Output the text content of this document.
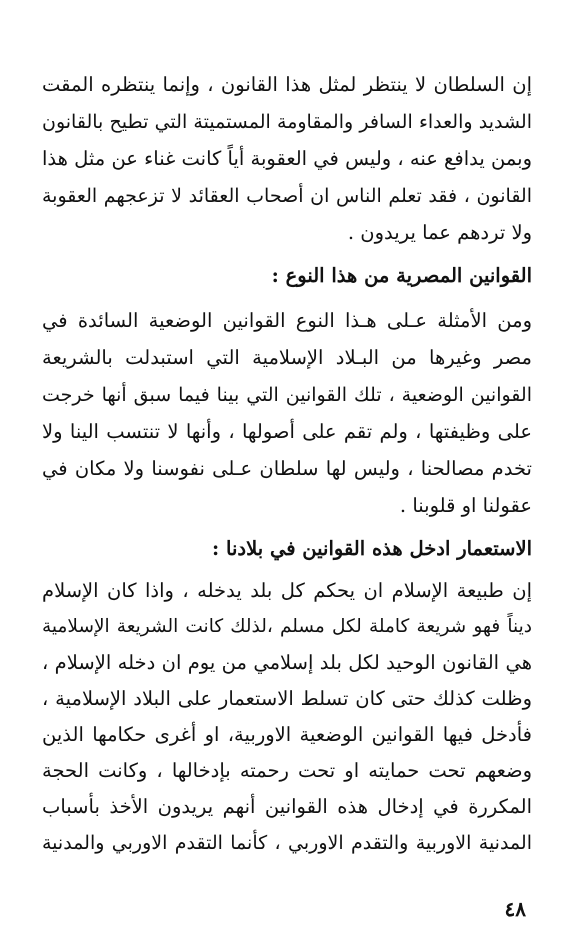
إن السلطان لا ينتظر لمثل هذا القانون ، وإنما ينتظره المقت
الشديد والعداء السافر والمقاومة المستميتة التي تطيح بالقانون
وبمن يدافع عنه ، وليس في العقوبة أياً كانت غناء عن مثل هذا
القانون ، فقد تعلم الناس ان أصحاب العقائد لا تزعجهم العقوبة
ولا تردهم عما يريدون .
القوانين المصرية من هذا النوع :
ومن الأمثلة عـلى هـذا النوع القوانين الوضعية السائدة في
مصر وغيرها من البـلاد الإسلامية التي استبدلت بالشريعة
القوانين الوضعية ، تلك القوانين التي بينا فيما سبق أنها خرجت
على وظيفتها ، ولم تقم على أصولها ، وأنها لا تنتسب الينا ولا
تخدم مصالحنا ، وليس لها سلطان عـلى نفوسنا ولا مكان في
عقولنا او قلوبنا .
الاستعمار ادخل هذه القوانين في بلادنا :
إن طبيعة الإسلام ان يحكم كل بلد يدخله ، واذا كان الإسلام
ديناً فهو شريعة كاملة لكل مسلم ،لذلك كانت الشريعة الإسلامية
هي القانون الوحيد لكل بلد إسلامي من يوم ان دخله الإسلام ،
وظلت كذلك حتى كان تسلط الاستعمار على البلاد الإسلامية ،
فأدخل فيها القوانين الوضعية الاوربية، او أغرى حكامها الذين
وضعهم تحت حمايته او تحت رحمته بإدخالها ، وكانت الحجة
المكررة في إدخال هذه القوانين أنهم يريدون الأخذ بأسباب
المدنية الاوربية والتقدم الاوربي ، كأنما التقدم الاوربي والمدنية
٤٨
